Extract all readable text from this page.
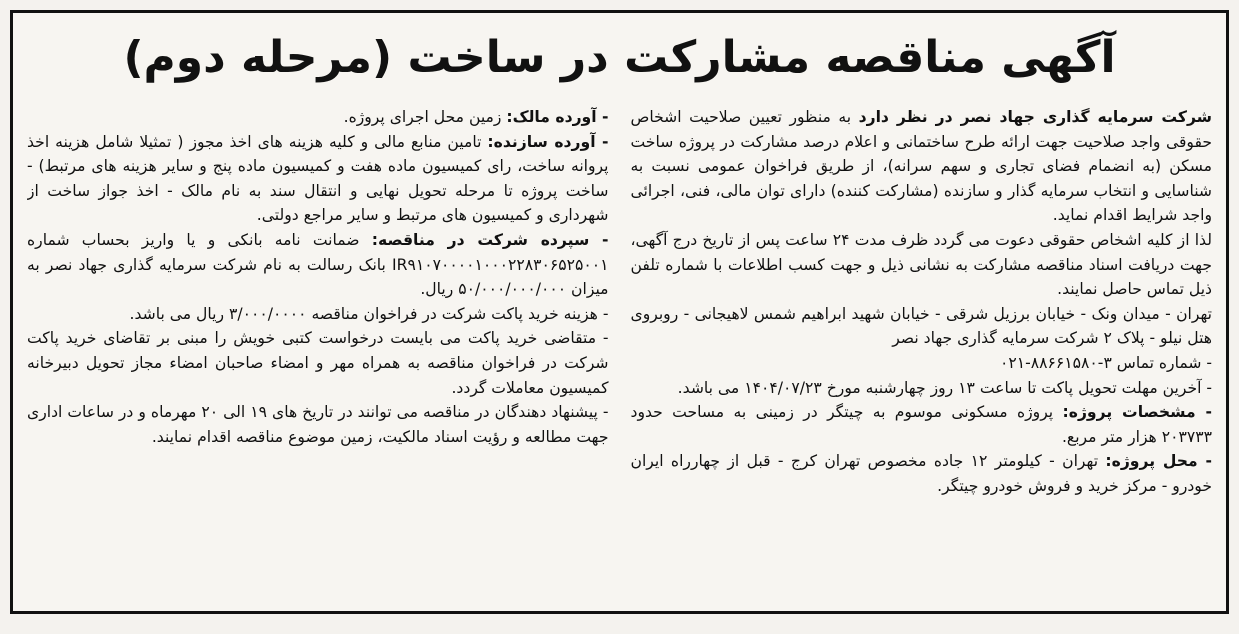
آگهی مناقصه مشارکت در ساخت (مرحله دوم)

شرکت سرمایه گذاری جهاد نصر در نظر دارد به منظور تعیین صلاحیت اشخاص حقوقی واجد صلاحیت جهت ارائه طرح ساختمانی و اعلام درصد مشارکت در پروژه ساخت مسکن (به انضمام فضای تجاری و سهم سرانه)، از طریق فراخوان عمومی نسبت به شناسایی و انتخاب سرمایه گذار و سازنده (مشارکت کننده) دارای توان مالی، فنی، اجرائی واجد شرایط اقدام نماید.

لذا از کلیه اشخاص حقوقی دعوت می گردد ظرف مدت ۲۴ ساعت پس از تاریخ درج آگهی، جهت دریافت اسناد مناقصه مشارکت به نشانی ذیل و جهت کسب اطلاعات با شماره تلفن ذیل تماس حاصل نمایند.

تهران - میدان ونک - خیابان برزیل شرقی - خیابان شهید ابراهیم شمس لاهیجانی - روبروی هتل نیلو - پلاک ۲ شرکت سرمایه گذاری جهاد نصر

- شماره تماس ۳-۸۸۶۶۱۵۸۰-۰۲۱

- آخرین مهلت تحویل پاکت تا ساعت ۱۳ روز چهارشنبه مورخ ۱۴۰۴/۰۷/۲۳ می باشد.

- مشخصات پروژه: پروژه مسکونی موسوم به چیتگر در زمینی به مساحت حدود ۲۰۳۷۳۳ هزار متر مربع.

- محل پروژه: تهران - کیلومتر ۱۲ جاده مخصوص تهران کرج - قبل از چهارراه ایران خودرو - مرکز خرید و فروش خودرو چیتگر.

- آورده مالک: زمین محل اجرای پروژه.

- آورده سازنده: تامین منابع مالی و کلیه هزینه های اخذ مجوز ( تمثیلا شامل هزینه اخذ پروانه ساخت، رای کمیسیون ماده هفت و کمیسیون ماده پنج و سایر هزینه های مرتبط) - ساخت پروژه تا مرحله تحویل نهایی و انتقال سند به نام مالک - اخذ جواز ساخت از شهرداری و کمیسیون های مرتبط و سایر مراجع دولتی.

- سپرده شرکت در مناقصه: ضمانت نامه بانکی و یا واریز بحساب شماره IR۹۱۰۷۰۰۰۰۱۰۰۰۲۲۸۳۰۶۵۲۵۰۰۱ بانک رسالت به نام شرکت سرمایه گذاری جهاد نصر به میزان ۵۰/۰۰۰/۰۰۰/۰۰۰ ریال.

- هزینه خرید پاکت شرکت در فراخوان مناقصه ۳/۰۰۰/۰۰۰۰ ریال می باشد.

- متقاضی خرید پاکت می بایست درخواست کتبی خویش را مبنی بر تقاضای خرید پاکت شرکت در فراخوان مناقصه به همراه مهر و امضاء صاحبان امضاء مجاز تحویل دبیرخانه کمیسیون معاملات گردد.

- پیشنهاد دهندگان در مناقصه می توانند در تاریخ های ۱۹ الی ۲۰ مهرماه و در ساعات اداری جهت مطالعه و رؤیت اسناد مالکیت، زمین موضوع مناقصه اقدام نمایند.
